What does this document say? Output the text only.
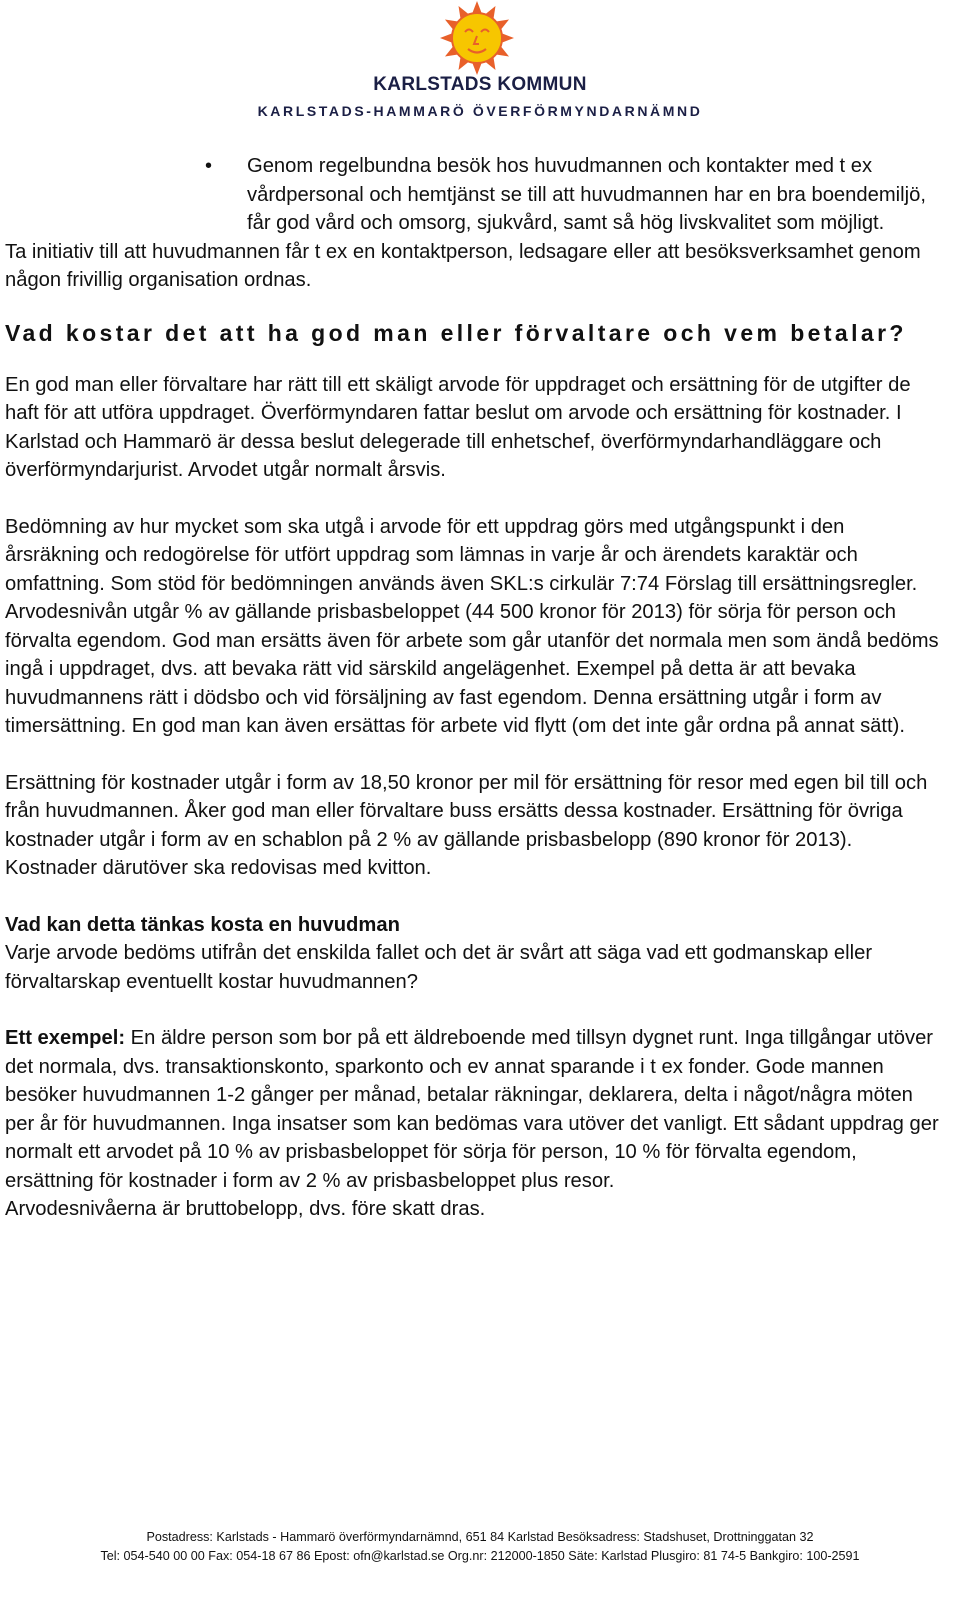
KARLSTADS KOMMUN
KARLSTADS-HAMMARÖ ÖVERFÖRMYNDARNÄMND
• Genom regelbundna besök hos huvudmannen och kontakter med t ex vårdpersonal och hemtjänst se till att huvudmannen har en bra boendemiljö, får god vård och omsorg, sjukvård, samt så hög livskvalitet som möjligt.

Ta initiativ till att huvudmannen får t ex en kontaktperson, ledsagare eller att besöksverksamhet genom någon frivillig organisation ordnas.

Vad kostar det att ha god man eller förvaltare och vem betalar?

En god man eller förvaltare har rätt till ett skäligt arvode för uppdraget och ersättning för de utgifter de haft för att utföra uppdraget. Överförmyndaren fattar beslut om arvode och ersättning för kostnader. I Karlstad och Hammarö är dessa beslut delegerade till enhetschef, överförmyndarhandläggare och överförmyndarjurist. Arvodet utgår normalt årsvis.

Bedömning av hur mycket som ska utgå i arvode för ett uppdrag görs med utgångspunkt i den årsräkning och redogörelse för utfört uppdrag som lämnas in varje år och ärendets karaktär och omfattning. Som stöd för bedömningen används även SKL:s cirkulär 7:74 Förslag till ersättningsregler. Arvodesnivån utgår % av gällande prisbasbeloppet (44 500 kronor för 2013) för sörja för person och förvalta egendom. God man ersätts även för arbete som går utanför det normala men som ändå bedöms ingå i uppdraget, dvs. att bevaka rätt vid särskild angelägenhet. Exempel på detta är att bevaka huvudmannens rätt i dödsbo och vid försäljning av fast egendom. Denna ersättning utgår i form av timersättning. En god man kan även ersättas för arbete vid flytt (om det inte går ordna på annat sätt).

Ersättning för kostnader utgår i form av 18,50 kronor per mil för ersättning för resor med egen bil till och från huvudmannen. Åker god man eller förvaltare buss ersätts dessa kostnader. Ersättning för övriga kostnader utgår i form av en schablon på 2 % av gällande prisbasbelopp (890 kronor för 2013). Kostnader därutöver ska redovisas med kvitton.

Vad kan detta tänkas kosta en huvudman

Varje arvode bedöms utifrån det enskilda fallet och det är svårt att säga vad ett godmanskap eller förvaltarskap eventuellt kostar huvudmannen?

Ett exempel: En äldre person som bor på ett äldreboende med tillsyn dygnet runt. Inga tillgångar utöver det normala, dvs. transaktionskonto, sparkonto och ev annat sparande i t ex fonder. Gode mannen besöker huvudmannen 1-2 gånger per månad, betalar räkningar, deklarera, delta i något/några möten per år för huvudmannen. Inga insatser som kan bedömas vara utöver det vanligt. Ett sådant uppdrag ger normalt ett arvodet på 10 % av prisbasbeloppet för sörja för person, 10 % för förvalta egendom, ersättning för kostnader i form av 2 % av prisbasbeloppet plus resor.

Arvodesnivåerna är bruttobelopp, dvs. före skatt dras.

Postadress: Karlstads - Hammarö överförmyndarnämnd, 651 84 Karlstad Besöksadress: Stadshuset, Drottninggatan 32
Tel: 054-540 00 00 Fax: 054-18 67 86 Epost: ofn@karlstad.se Org.nr: 212000-1850 Säte: Karlstad Plusgiro: 81 74-5 Bankgiro: 100-2591
